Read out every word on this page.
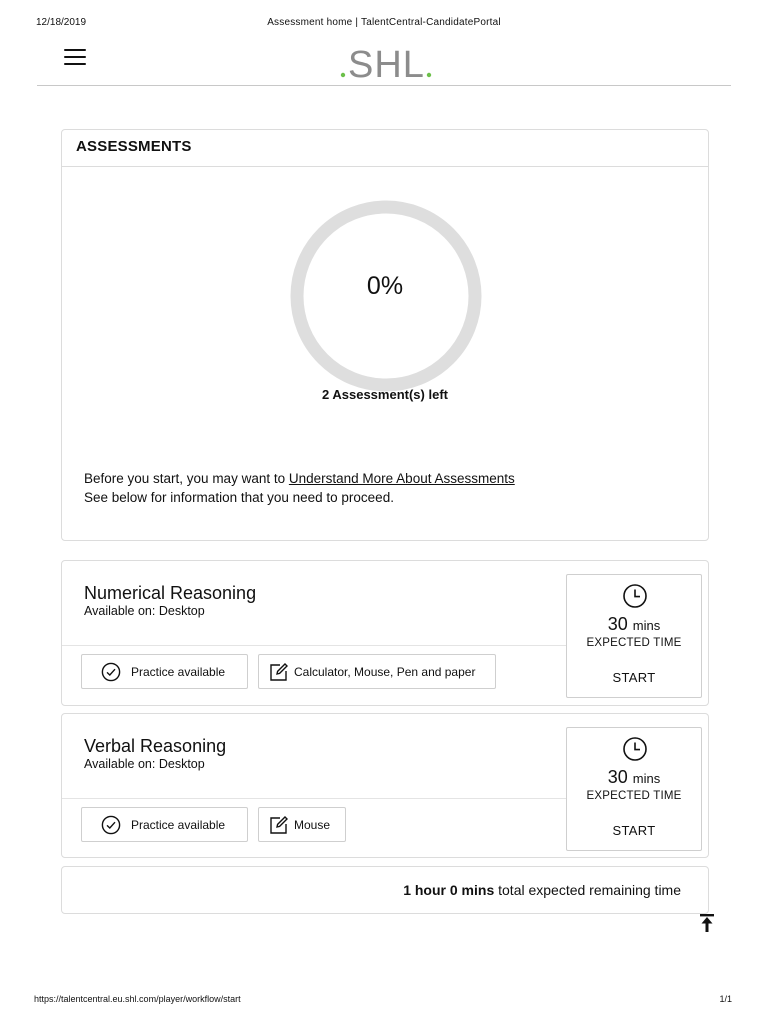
12/18/2019	Assessment home | TalentCentral-CandidatePortal
SHL
ASSESSMENTS
0%
2 Assessment(s) left
Before you start, you may want to Understand More About Assessments
See below for information that you need to proceed.
Numerical Reasoning
Available on: Desktop
Practice available	Calculator, Mouse, Pen and paper
30 mins
EXPECTED TIME
START
Verbal Reasoning
Available on: Desktop
Practice available	Mouse
30 mins
EXPECTED TIME
START
1 hour 0 mins total expected remaining time
https://talentcentral.eu.shl.com/player/workflow/start	1/1
